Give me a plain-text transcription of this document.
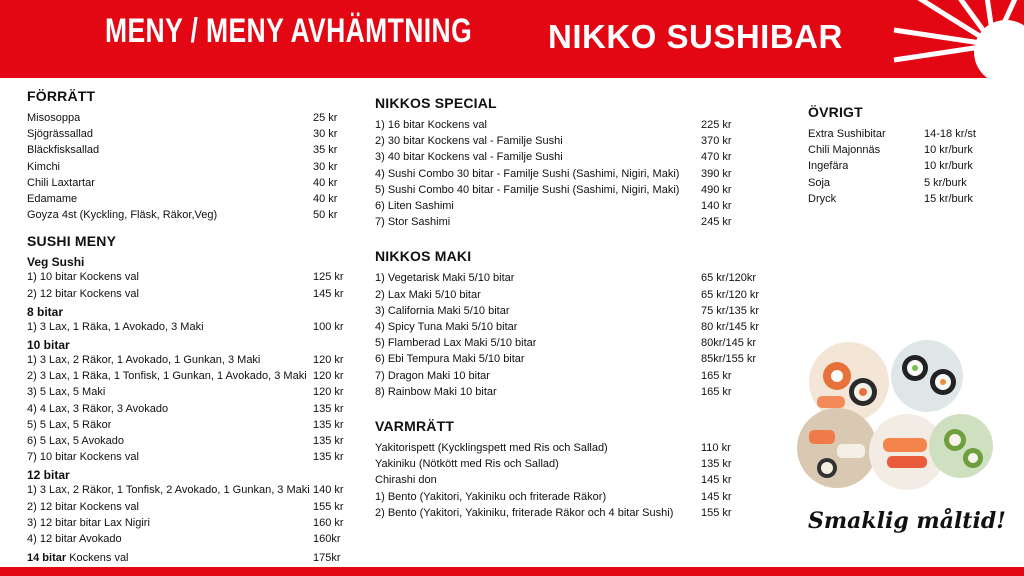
MENY / MENY AVHÄMTNING NIKKO SUSHIBAR
FÖRRÄTT
Misosoppa	25 kr
Sjögrässallad	30 kr
Bläckfisksallad	35 kr
Kimchi	30 kr
Chili Laxtartar	40 kr
Edamame	40 kr
Goyza 4st (Kyckling, Fläsk, Räkor,Veg)	50 kr
SUSHI MENY
Veg Sushi
1) 10 bitar Kockens val	125 kr
2) 12 bitar Kockens val	145 kr
8 bitar
1) 3 Lax, 1 Räka, 1 Avokado, 3 Maki	100 kr
10 bitar
1) 3 Lax, 2 Räkor, 1 Avokado, 1 Gunkan, 3 Maki	120 kr
2) 3 Lax, 1 Räka, 1 Tonfisk, 1 Gunkan, 1 Avokado, 3 Maki 120 kr
3) 5 Lax, 5 Maki	120 kr
4) 4 Lax, 3 Räkor, 3 Avokado	135 kr
5) 5 Lax, 5 Räkor	135 kr
6) 5 Lax, 5 Avokado	135 kr
7) 10 bitar Kockens val	135 kr
12 bitar
1) 3 Lax, 2 Räkor, 1 Tonfisk, 2 Avokado, 1 Gunkan, 3 Maki 140 kr
2) 12 bitar Kockens val	155 kr
3) 12 bitar bitar Lax Nigiri	160 kr
4) 12 bitar Avokado	160kr
14 bitar Kockens val	175kr
NIKKOS SPECIAL
1) 16 bitar Kockens val	225 kr
2) 30 bitar Kockens val - Familje Sushi	370 kr
3) 40 bitar Kockens val - Familje Sushi	470 kr
4) Sushi Combo 30 bitar - Familje Sushi (Sashimi, Nigiri, Maki) 390 kr
5) Sushi Combo 40 bitar - Familje Sushi (Sashimi, Nigiri, Maki) 490 kr
6) Liten Sashimi	140 kr
7) Stor Sashimi	245 kr
NIKKOS MAKI
1) Vegetarisk Maki 5/10 bitar	65 kr/120kr
2) Lax Maki 5/10 bitar	65 kr/120 kr
3) California Maki 5/10 bitar	75 kr/135 kr
4) Spicy Tuna Maki 5/10 bitar	80 kr/145 kr
5) Flamberad Lax Maki 5/10 bitar	80kr/145 kr
6) Ebi Tempura Maki 5/10 bitar	85kr/155 kr
7) Dragon Maki 10 bitar	165 kr
8) Rainbow Maki 10 bitar	165 kr
VARMRÄTT
Yakitorispett (Kycklingspett med Ris och Sallad)	110 kr
Yakiniku (Nötkött med Ris och Sallad)	135 kr
Chirashi don	145 kr
1) Bento (Yakitori, Yakiniku och friterade Räkor)	145 kr
2) Bento (Yakitori, Yakiniku, friterade Räkor och 4 bitar Sushi)	155 kr
ÖVRIGT
Extra Sushibitar	14-18 kr/st
Chili Majonnäs	10 kr/burk
Ingefära	10 kr/burk
Soja	5 kr/burk
Dryck	15 kr/burk
Smaklig måltid!
